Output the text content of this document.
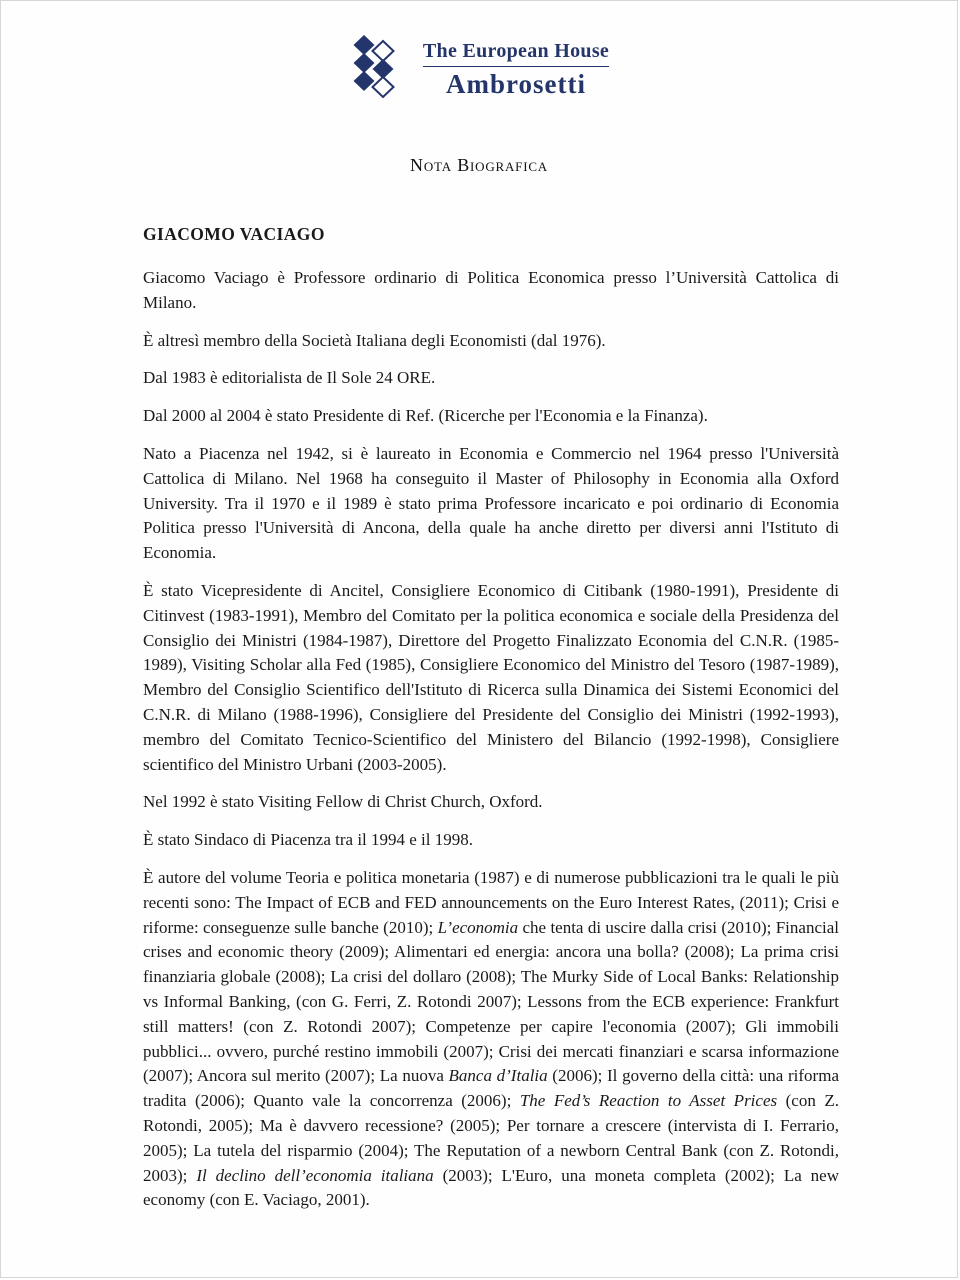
The European House
Ambrosetti
Nota Biografica
GIACOMO VACIAGO

Giacomo Vaciago è Professore ordinario di Politica Economica presso l’Università Cattolica di Milano.

È altresì membro della Società Italiana degli Economisti (dal 1976).

Dal 1983 è editorialista de Il Sole 24 ORE.

Dal 2000 al 2004 è stato Presidente di Ref. (Ricerche per l'Economia e la Finanza).

Nato a Piacenza nel 1942, si è laureato in Economia e Commercio nel 1964 presso l'Università Cattolica di Milano. Nel 1968 ha conseguito il Master of Philosophy in Economia alla Oxford University. Tra il 1970 e il 1989 è stato prima Professore incaricato e poi ordinario di Economia Politica presso l'Università di Ancona, della quale ha anche diretto per diversi anni l'Istituto di Economia.

È stato Vicepresidente di Ancitel, Consigliere Economico di Citibank (1980-1991), Presidente di Citinvest (1983-1991), Membro del Comitato per la politica economica e sociale della Presidenza del Consiglio dei Ministri (1984-1987), Direttore del Progetto Finalizzato Economia del C.N.R. (1985-1989), Visiting Scholar alla Fed (1985), Consigliere Economico del Ministro del Tesoro (1987-1989), Membro del Consiglio Scientifico dell'Istituto di Ricerca sulla Dinamica dei Sistemi Economici del C.N.R. di Milano (1988-1996), Consigliere del Presidente del Consiglio dei Ministri (1992-1993), membro del Comitato Tecnico-Scientifico del Ministero del Bilancio (1992-1998), Consigliere scientifico del Ministro Urbani (2003-2005).

Nel 1992 è stato Visiting Fellow di Christ Church, Oxford.

È stato Sindaco di Piacenza tra il 1994 e il 1998.

È autore del volume Teoria e politica monetaria (1987) e di numerose pubblicazioni tra le quali le più recenti sono: The Impact of ECB and FED announcements on the Euro Interest Rates, (2011); Crisi e riforme: conseguenze sulle banche (2010); L’economia che tenta di uscire dalla crisi (2010); Financial crises and economic theory (2009); Alimentari ed energia: ancora una bolla? (2008); La prima crisi finanziaria globale (2008); La crisi del dollaro (2008); The Murky Side of Local Banks: Relationship vs Informal Banking, (con G. Ferri, Z. Rotondi 2007); Lessons from the ECB experience: Frankfurt still matters! (con Z. Rotondi 2007); Competenze per capire l'economia (2007); Gli immobili pubblici... ovvero, purché restino immobili (2007); Crisi dei mercati finanziari e scarsa informazione (2007); Ancora sul merito (2007); La nuova Banca d’Italia (2006); Il governo della città: una riforma tradita (2006); Quanto vale la concorrenza (2006); The Fed’s Reaction to Asset Prices (con Z. Rotondi, 2005); Ma è davvero recessione? (2005); Per tornare a crescere (intervista di I. Ferrario, 2005); La tutela del risparmio (2004); The Reputation of a newborn Central Bank (con Z. Rotondi, 2003); Il declino dell’economia italiana (2003); L'Euro, una moneta completa (2002); La new economy (con E. Vaciago, 2001).
